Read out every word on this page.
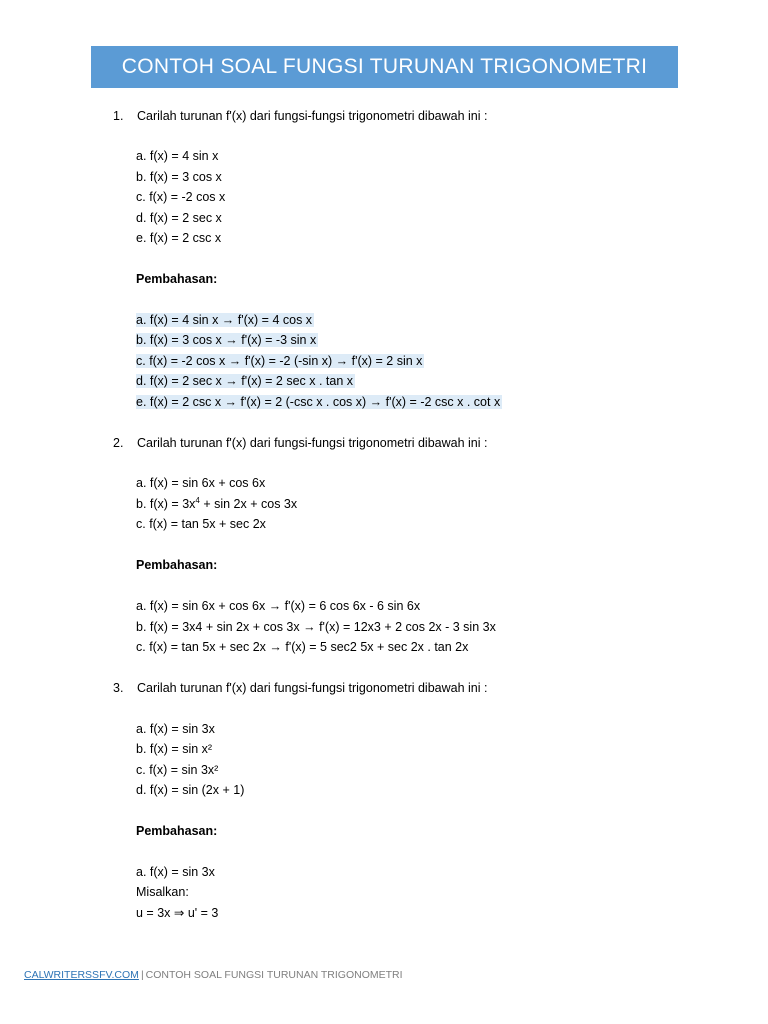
CONTOH SOAL FUNGSI TURUNAN TRIGONOMETRI
1. Carilah turunan f'(x) dari fungsi-fungsi trigonometri dibawah ini :
a. f(x) = 4 sin x
b. f(x) = 3 cos x
c. f(x) = -2 cos x
d. f(x) = 2 sec x
e. f(x) = 2 csc x
Pembahasan:
a. f(x) = 4 sin x → f'(x) = 4 cos x
b. f(x) = 3 cos x → f'(x) = -3 sin x
c. f(x) = -2 cos x → f'(x) = -2 (-sin x) → f'(x) = 2 sin x
d. f(x) = 2 sec x → f'(x) = 2 sec x . tan x
e. f(x) = 2 csc x → f'(x) = 2 (-csc x . cos x) → f'(x) = -2 csc x . cot x
2. Carilah turunan f'(x) dari fungsi-fungsi trigonometri dibawah ini :
a. f(x) = sin 6x + cos 6x
b. $f(x) = 3x^4 + \sin 2x + \cos 3x$
c. f(x) = tan 5x + sec 2x
Pembahasan:
a. f(x) = sin 6x + cos 6x → f'(x) = 6 cos 6x - 6 sin 6x
b. f(x) = 3x4 + sin 2x + cos 3x → f'(x) = 12x3 + 2 cos 2x - 3 sin 3x
c. f(x) = tan 5x + sec 2x → f'(x) = 5 sec2 5x + sec 2x . tan 2x
3. Carilah turunan f'(x) dari fungsi-fungsi trigonometri dibawah ini :
a. f(x) = sin 3x
b. f(x) = sin x²
c. f(x) = sin 3x²
d. f(x) = sin (2x + 1)
Pembahasan:
a. f(x) = sin 3x
Misalkan:
u = 3x ⇒ u' = 3
CALWRITERSSFV.COM | CONTOH SOAL FUNGSI TURUNAN TRIGONOMETRI
